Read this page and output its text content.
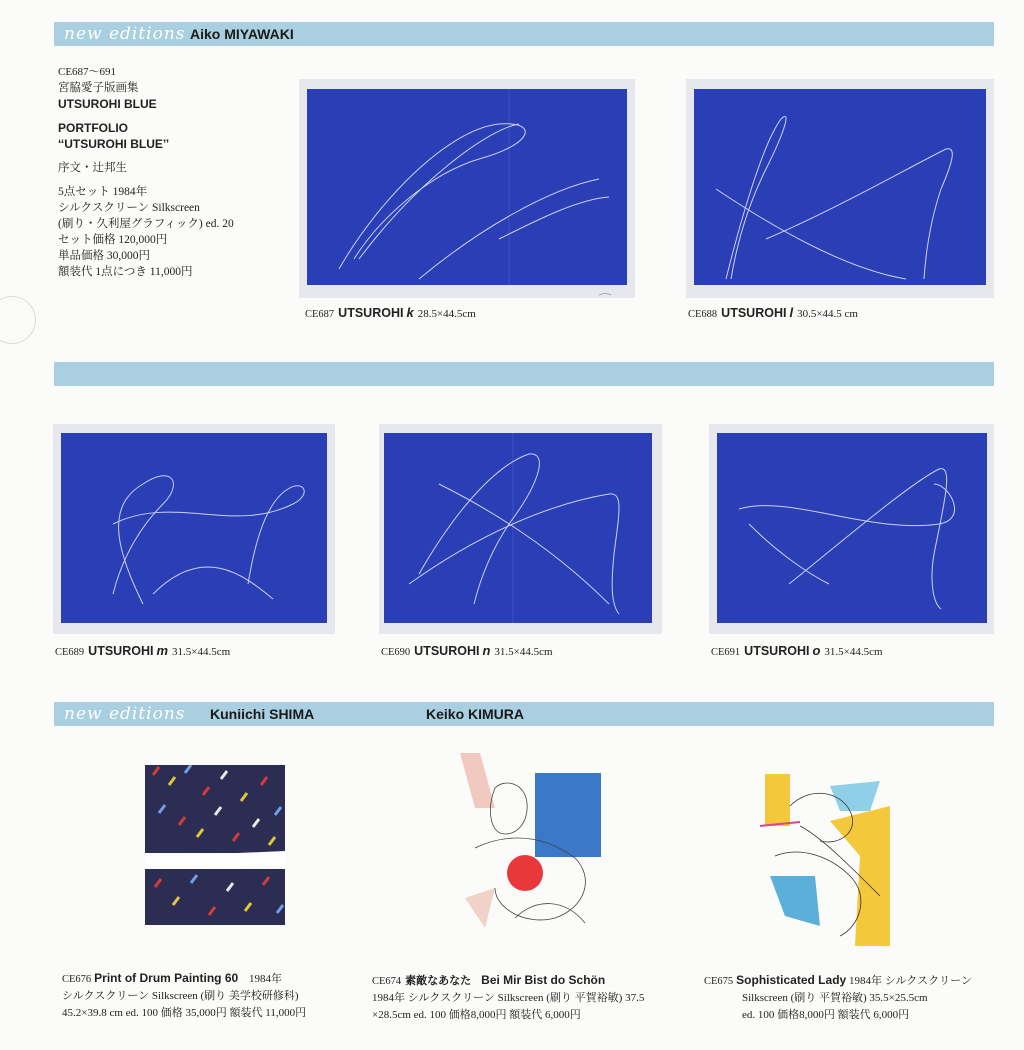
new editions Aiko MIYAWAKI
CE687～691
宮脇愛子版画集
UTSUROHI BLUE
PORTFOLIO
‘‘UTSUROHI BLUE’’
序文・辻邦生
5点セット 1984年
シルクスクリーン Silkscreen
(刷り・久利屋グラフィック) ed. 20
セット価格 120,000円
単品価格 30,000円
額装代 1点につき 11,000円
CE687 UTSUROHI k 28.5×44.5cm	CE688 UTSUROHI l 30.5×44.5 cm
CE689 UTSUROHI m 31.5×44.5cm	CE690 UTSUROHI n 31.5×44.5cm	CE691 UTSUROHI o 31.5×44.5cm
new editions Kuniichi SHIMA	Keiko KIMURA
CE676 Print of Drum Painting 60 1984年
シルクスクリーン Silkscreen (刷り 美学校研修科)
45.2×39.8 cm ed. 100 価格 35,000円 額装代 11,000円
CE674 素敵なあなた Bei Mir Bist do Schön
1984年 シルクスクリーン Silkscreen (刷り 平賀裕敏) 37.5
×28.5cm ed. 100 価格8,000円 額装代 6,000円
CE675 Sophisticated Lady 1984年 シルクスクリーン
Silkscreen (刷り 平賀裕敏) 35.5×25.5cm
ed. 100 価格8,000円 額装代 6,000円
